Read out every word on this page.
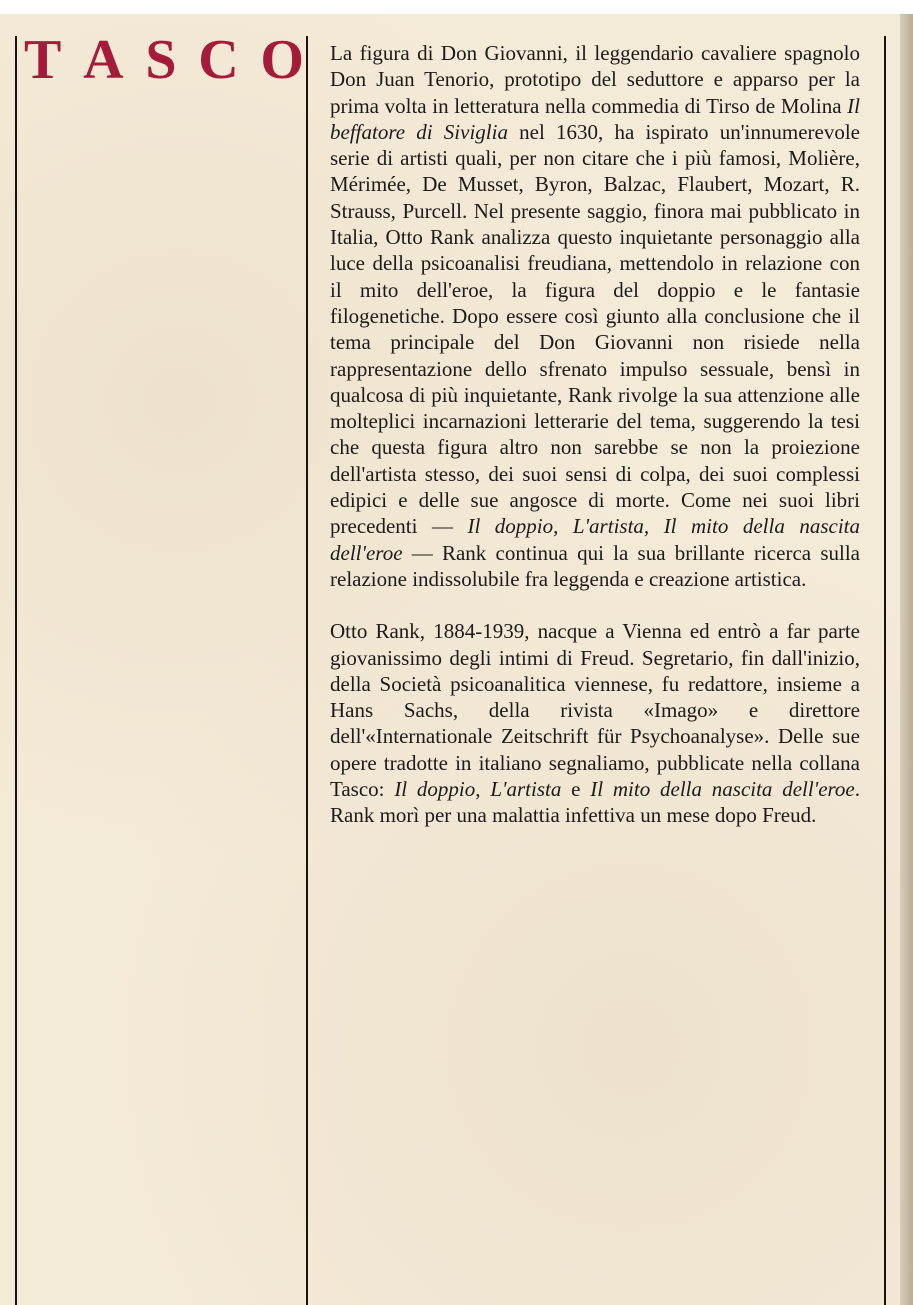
T A S C O La figura di Don Giovanni, il leggendario cavaliere spagnolo Don Juan Tenorio, prototipo del seduttore e apparso per la prima volta in letteratura nella commedia di Tirso de Molina Il beffatore di Siviglia nel 1630, ha ispirato un'innumerevole serie di artisti quali, per non citare che i più famosi, Molière, Mérimée, De Musset, Byron, Balzac, Flaubert, Mozart, R. Strauss, Purcell. Nel presente saggio, finora mai pubblicato in Italia, Otto Rank analizza questo inquietante personaggio alla luce della psicoanalisi freudiana, mettendolo in relazione con il mito dell'eroe, la figura del doppio e le fantasie filogenetiche. Dopo essere così giunto alla conclusione che il tema principale del Don Giovanni non risiede nella rappresentazione dello sfrenato impulso sessuale, bensì in qualcosa di più inquietante, Rank rivolge la sua attenzione alle molteplici incarnazioni letterarie del tema, suggerendo la tesi che questa figura altro non sarebbe se non la proiezione dell'artista stesso, dei suoi sensi di colpa, dei suoi complessi edipici e delle sue angosce di morte. Come nei suoi libri precedenti — Il doppio, L'artista, Il mito della nascita dell'eroe — Rank continua qui la sua brillante ricerca sulla relazione indissolubile fra leggenda e creazione artistica.

Otto Rank, 1884-1939, nacque a Vienna ed entrò a far parte giovanissimo degli intimi di Freud. Segretario, fin dall'inizio, della Società psicoanalitica viennese, fu redattore, insieme a Hans Sachs, della rivista «Imago» e direttore dell'«Internationale Zeitschrift für Psychoanalyse». Delle sue opere tradotte in italiano segnaliamo, pubblicate nella collana Tasco: Il doppio, L'artista e Il mito della nascita dell'eroe. Rank morì per una malattia infettiva un mese dopo Freud.
